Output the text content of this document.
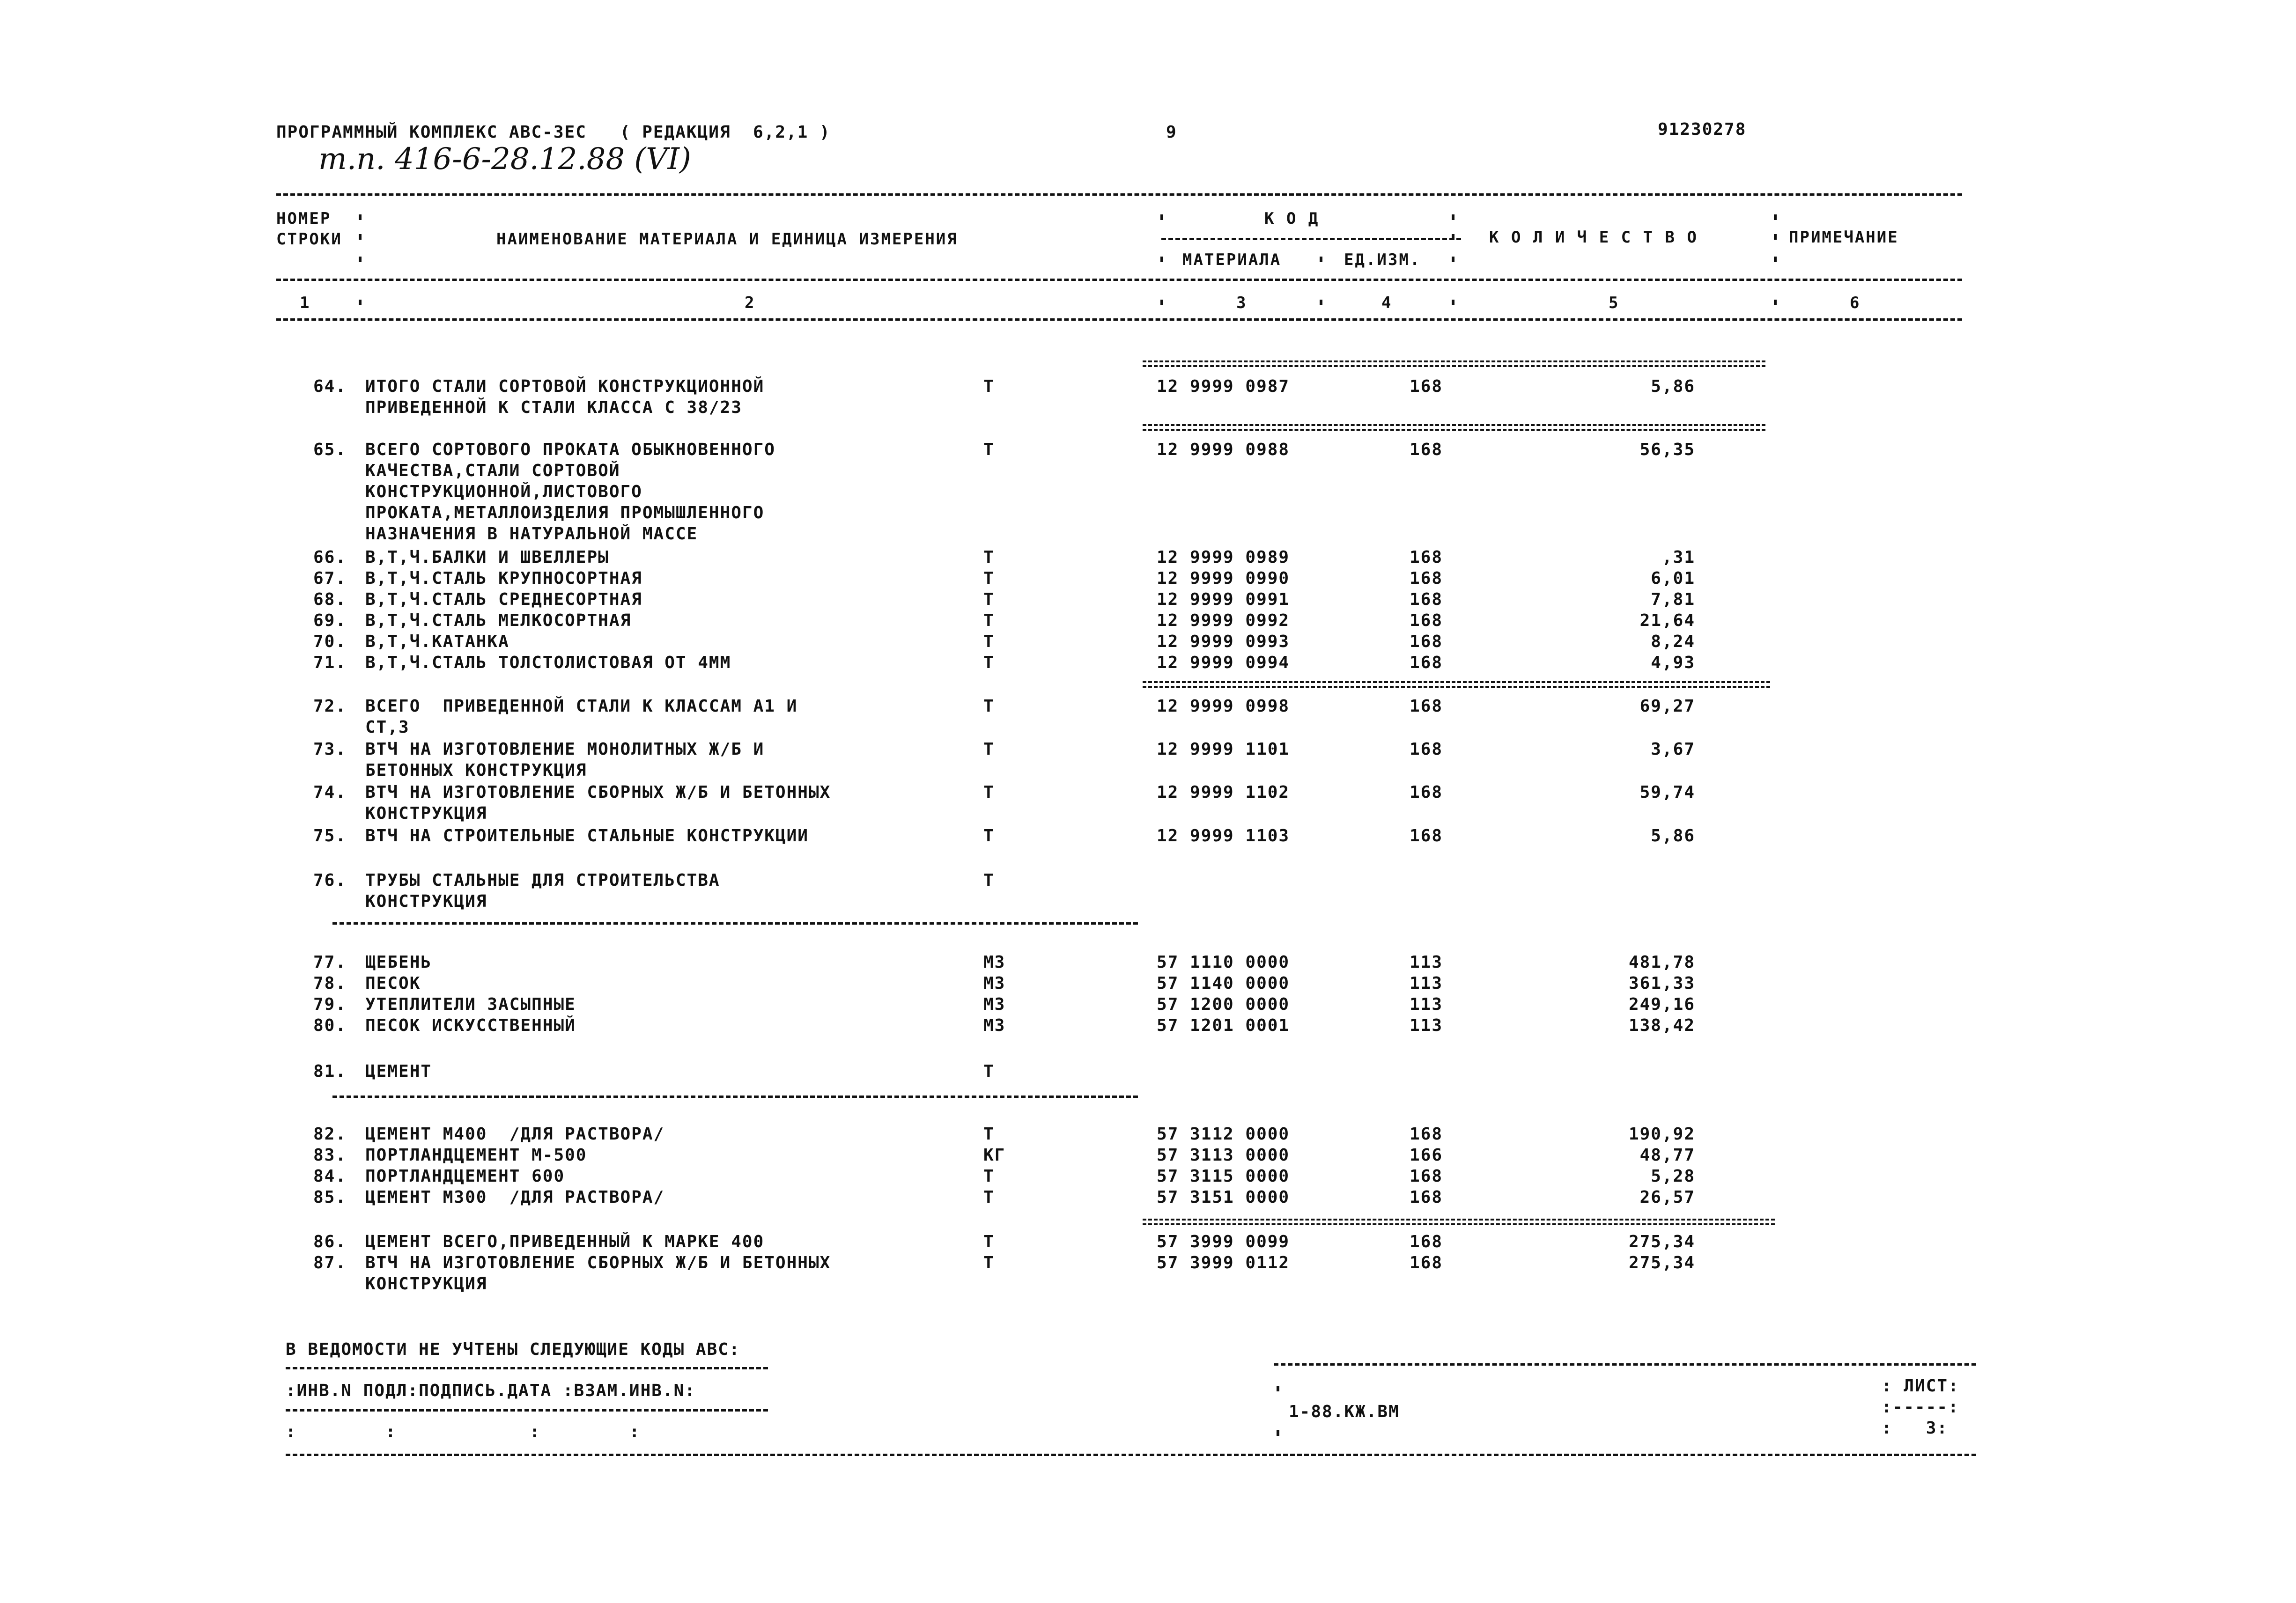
ПРОГРАММНЫЙ КОМПЛЕКС АВС-3ЕС   ( РЕДАКЦИЯ  6,2,1 )	9	91230278
т.п. 416-6-28.12.88 (VI)
НОМЕР
СТРОКИ	НАИМЕНОВАНИЕ МАТЕРИАЛА И ЕДИНИЦА ИЗМЕРЕНИЯ
К О Д
МАТЕРИАЛА	ЕД.ИЗМ.
К О Л И Ч Е С Т В О	ПРИМЕЧАНИЕ
1	2	3	4	5	6
64. ИТОГО СТАЛИ СОРТОВОЙ КОНСТРУКЦИОННОЙ
ПРИВЕДЕННОЙ К СТАЛИ КЛАССА С 38/23
Т	12 9999 0987	168	5,86
65. ВСЕГО СОРТОВОГО ПРОКАТА ОБЫКНОВЕННОГО
КАЧЕСТВА,СТАЛИ СОРТОВОЙ
КОНСТРУКЦИОННОЙ,ЛИСТОВОГО
ПРОКАТА,МЕТАЛЛОИЗДЕЛИЯ ПРОМЫШЛЕННОГО
НАЗНАЧЕНИЯ В НАТУРАЛЬНОЙ МАССЕ
Т	12 9999 0988	168	56,35
66. В,Т,Ч.БАЛКИ И ШВЕЛЛЕРЫ	Т	12 9999 0989	168	,31
67. В,Т,Ч.СТАЛЬ КРУПНОСОРТНАЯ	Т	12 9999 0990	168	6,01
68. В,Т,Ч.СТАЛЬ СРЕДНЕСОРТНАЯ	Т	12 9999 0991	168	7,81
69. В,Т,Ч.СТАЛЬ МЕЛКОСОРТНАЯ	Т	12 9999 0992	168	21,64
70. В,Т,Ч.КАТАНКА	Т	12 9999 0993	168	8,24
71. В,Т,Ч.СТАЛЬ ТОЛСТОЛИСТОВАЯ ОТ 4ММ	Т	12 9999 0994	168	4,93
72. ВСЕГО  ПРИВЕДЕННОЙ СТАЛИ К КЛАССАМ А1 И
СТ,3
Т	12 9999 0998	168	69,27
73. ВТЧ НА ИЗГОТОВЛЕНИЕ МОНОЛИТНЫХ Ж/Б И
БЕТОННЫХ КОНСТРУКЦИЯ
Т	12 9999 1101	168	3,67
74. ВТЧ НА ИЗГОТОВЛЕНИЕ СБОРНЫХ Ж/Б И БЕТОННЫХ
КОНСТРУКЦИЯ
Т	12 9999 1102	168	59,74
75. ВТЧ НА СТРОИТЕЛЬНЫЕ СТАЛЬНЫЕ КОНСТРУКЦИИ	Т	12 9999 1103	168	5,86
76. ТРУБЫ СТАЛЬНЫЕ ДЛЯ СТРОИТЕЛЬСТВА
КОНСТРУКЦИЯ
Т
77. ЩЕБЕНЬ	М3	57 1110 0000	113	481,78
78. ПЕСОК	М3	57 1140 0000	113	361,33
79. УТЕПЛИТЕЛИ ЗАСЫПНЫЕ	М3	57 1200 0000	113	249,16
80. ПЕСОК ИСКУССТВЕННЫЙ	М3	57 1201 0001	113	138,42
81. ЦЕМЕНТ	Т
82. ЦЕМЕНТ М400  /ДЛЯ РАСТВОРА/	Т	57 3112 0000	168	190,92
83. ПОРТЛАНДЦЕМЕНТ М-500	КГ	57 3113 0000	166	48,77
84. ПОРТЛАНДЦЕМЕНТ 600	Т	57 3115 0000	168	5,28
85. ЦЕМЕНТ М300  /ДЛЯ РАСТВОРА/	Т	57 3151 0000	168	26,57
86. ЦЕМЕНТ ВСЕГО,ПРИВЕДЕННЫЙ К МАРКЕ 400	Т	57 3999 0099	168	275,34
87. ВТЧ НА ИЗГОТОВЛЕНИЕ СБОРНЫХ Ж/Б И БЕТОННЫХ
КОНСТРУКЦИЯ
Т	57 3999 0112	168	275,34
В ВЕДОМОСТИ НЕ УЧТЕНЫ СЛЕДУЮЩИЕ КОДЫ АВС:
:ИНВ.N ПОДЛ:ПОДПИСЬ.ДАТА :ВЗАМ.ИНВ.N:
:        :            :        :
1-88.КЖ.ВМ
: ЛИСТ:
:-----:
:   3:
